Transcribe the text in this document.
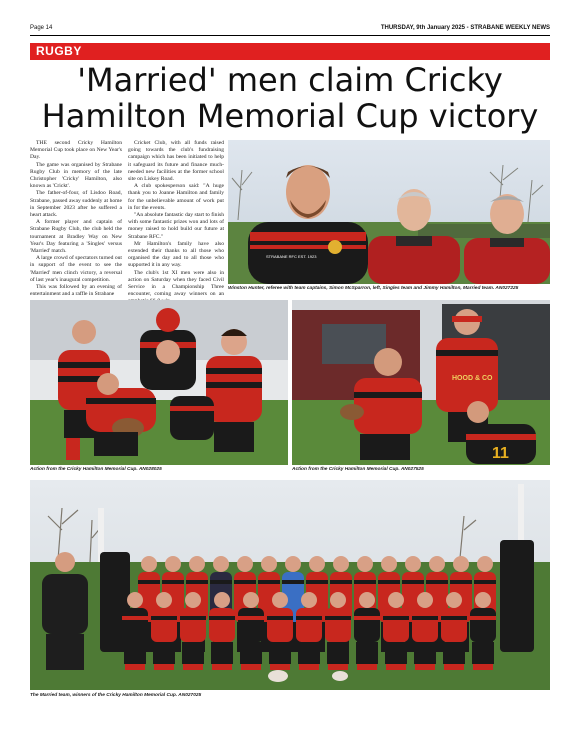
Page 14	THURSDAY, 9th January 2025 - STRABANE WEEKLY NEWS
RUGBY
'Married' men claim Cricky Hamilton Memorial Cup victory

THE second Cricky Hamilton Memorial Cup took place on New Year's Day.

The game was organised by Strabane Rugby Club in memory of the late Christopher 'Cricky' Hamilton, also known as 'Crickt'.

The father-of-four, of Lisdoo Road, Strabane, passed away suddenly at home in September 2023 after he suffered a heart attack.

A former player and captain of Strabane Rugby Club, the club held the tournament at Bradley Way on New Year's Day featuring a 'Singles' versus 'Married' match.

A large crowd of spectators turned out in support of the event to see the 'Married' men clinch victory, a reversal of last year's inaugural competition.

This was followed by an evening of entertainment and a raffle in Strabane

Cricket Club, with all funds raised going towards the club's fundraising campaign which has been initiated to help it safeguard its future and finance much-needed new facilities at the former school site on Liskey Road.

A club spokesperson said: "A huge thank you to Joanne Hamilton and family for the unbelievable amount of work put in for the events.

"An absolute fantastic day start to finish with some fantastic prizes won and lots of money raised to hold build our future at Strabane RFC."

Mr Hamilton's family have also extended their thanks to all those who organised the day and to all those who supported it in any way.

The club's 1st XI men were also in action on Saturday when they faced Civil Service in a Championship Three encounter, coming away winners on an

STRABANE RFC EST. 1923
Winston Hunter, referee with team captains, Simon McSparron, left, Singles team and Jimmy Hamilton, Married team. AN027225
Action from the Cricky Hamilton Memorial Cup. AN028025
HOOD & CO
11
Action from the Cricky Hamilton Memorial Cup. AN027525
The Married team, winners of the Cricky Hamilton Memorial Cup. AN027025
